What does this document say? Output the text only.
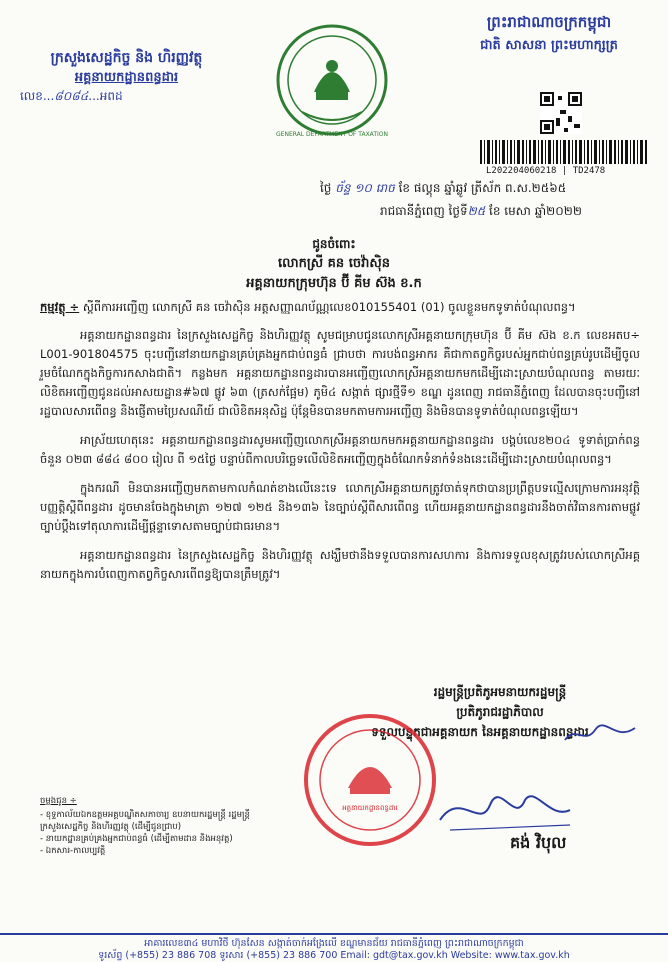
ក្រសួងសេដ្ឋកិច្ច និង ហិរញ្ញវត្ថុ
អគ្គនាយកដ្ឋានពន្ធដារ
លេខ...៨០៨៤...អពដ
GENERAL DEPARTMENT OF TAXATION
ព្រះរាជាណាចក្រកម្ពុជា
ជាតិ សាសនា ព្រះមហាក្សត្រ
L202204060218 | TD2478
ថ្ងៃ ច័ន្ទ ១០ រោច ខែ ផល្គុន ឆ្នាំឆ្លូវ ត្រីស័ក ព.ស.២៥៦៥
រាជធានីភ្នំពេញ ថ្ងៃទី២៥ ខែ មេសា ឆ្នាំ២០២២
ជូនចំពោះ
លោកស្រី គន ចេវ៉ាស៊ិន
អគ្គនាយកក្រុមហ៊ុន ប៊ី គីម ស៊ង ខ.ក
កម្មវត្ថុ ÷ ស្តីពីការអញ្ជើញ លោកស្រី គន ចេវ៉ាស៊ិន អត្តសញ្ញាណប័ណ្ណលេខ010155401 (01) ចូលខ្លួនមកទូទាត់បំណុលពន្ធ។

អគ្គនាយកដ្ឋានពន្ធដារ នៃក្រសួងសេដ្ឋកិច្ច និងហិរញ្ញវត្ថុ សូមជម្រាបជូនលោកស្រីអគ្គនាយកក្រុមហ៊ុន ប៊ី គីម ស៊ង ខ.ក លេខអតប÷ L001-901804575 ចុះបញ្ជីនៅនាយកដ្ឋានគ្រប់គ្រងអ្នកជាប់ពន្ធធំ ជ្រាបថា ការបង់ពន្ធអាករ គឺជាកាតព្វកិច្ចរបស់អ្នកជាប់ពន្ធគ្រប់រូបដើម្បីចូលរួមចំណែកក្នុងកិច្ចការកសាងជាតិ។ កន្លងមក អគ្គនាយកដ្ឋានពន្ធដារបានអញ្ជើញលោកស្រីអគ្គនាយកមកដើម្បីដោះស្រាយបំណុលពន្ធ តាមរយៈលិខិតអញ្ជើញជូនដល់អាសយដ្ឋាន#៦៧ ផ្លូវ ៦៣ (ត្រសក់ផ្អែម) ភូមិ៤ សង្កាត់ ផ្សារថ្មីទី១ ខណ្ឌ ដូនពេញ រាជធានីភ្នំពេញ ដែលបានចុះបញ្ជីនៅរដ្ឋបាលសារពើពន្ធ និងផ្ញើតាមប្រៃសណីយ៍ ជាលិខិតអនុសិដ្ឋ ប៉ុន្តែមិនបានមកតាមការអញ្ជើញ និងមិនបានទូទាត់បំណុលពន្ធឡើយ។

អាស្រ័យហេតុនេះ អគ្គនាយកដ្ឋានពន្ធដារសូមអញ្ជើញលោកស្រីអគ្គនាយកមកអគ្គនាយកដ្ឋានពន្ធដារ បង្គប់លេខ២០៤ ទូទាត់ប្រាក់ពន្ធចំនួន ០២៣ ៨៨៤ ៨០០ រៀល ពី ១៥ថ្ងៃ បន្ទាប់ពីកាលបរិច្ឆេទលើលិខិតអញ្ជើញក្នុងចំណែកទំនាក់ទំនងនេះដើម្បីដោះស្រាយបំណុលពន្ធ។

ក្នុងករណី មិនបានអញ្ជើញមកតាមកាលកំណត់ខាងលើនេះទេ លោកស្រីអគ្គនាយកត្រូវចាត់ទុកថាបានប្រព្រឹត្តបទល្មើសក្រោមការអនុវត្តិបញ្ញត្តិស្តីពីពន្ធដារ ដូចមានចែងក្នុងមាត្រា ១២៧ ១២៥ និង១៣៦ នៃច្បាប់ស្តីពីសារពើពន្ធ ហើយអគ្គនាយកដ្ឋានពន្ធដារនឹងចាត់វិធានការតាមផ្លូវច្បាប់ប្តឹងទៅតុលាការដើម្បីផ្តន្ទាទោសតាមច្បាប់ជាធរមាន។

អគ្គនាយកដ្ឋានពន្ធដារ នៃក្រសួងសេដ្ឋកិច្ច និងហិរញ្ញវត្ថុ សង្ឃឹមថានឹងទទួលបានការសហការ និងការទទួលខុសត្រូវរបស់លោកស្រីអគ្គនាយកក្នុងការបំពេញកាតព្វកិច្ចសារពើពន្ធឱ្យបានត្រឹមត្រូវ។

រដ្ឋមន្ត្រីប្រតិភូអមនាយករដ្ឋមន្ត្រី
ប្រតិភូរាជរដ្ឋាភិបាល
ទទួលបន្ទុកជាអគ្គនាយក នៃអគ្គនាយកដ្ឋានពន្ធដារ
អគ្គនាយកដ្ឋានពន្ធដារ
គង់ វិបុល
ចម្លងជូន ÷
- ខុទ្ទកាល័យឯកឧត្តមអគ្គបណ្ឌិតសភាចារ្យ ឧបនាយករដ្ឋមន្ត្រី រដ្ឋមន្ត្រីក្រសួងសេដ្ឋកិច្ច និងហិរញ្ញវត្ថុ (ដើម្បីជូនជ្រាប)
- នាយកដ្ឋានគ្រប់គ្រងអ្នកជាប់ពន្ធធំ (ដើម្បីតាមដាន និងអនុវត្ត)
- ឯកសារ-កាលប្បវត្តិ
អាគារលេខ៣៤ មហាវិថី ហ៊ុនសែន សង្កាត់ចាក់អង្រែលើ ខណ្ឌមានជ័យ រាជធានីភ្នំពេញ ព្រះរាជាណាចក្រកម្ពុជា
ទូរស័ព្ទ (+855) 23 886 708 ទូរសារ (+855) 23 886 700 Email: gdt@tax.gov.kh Website: www.tax.gov.kh
